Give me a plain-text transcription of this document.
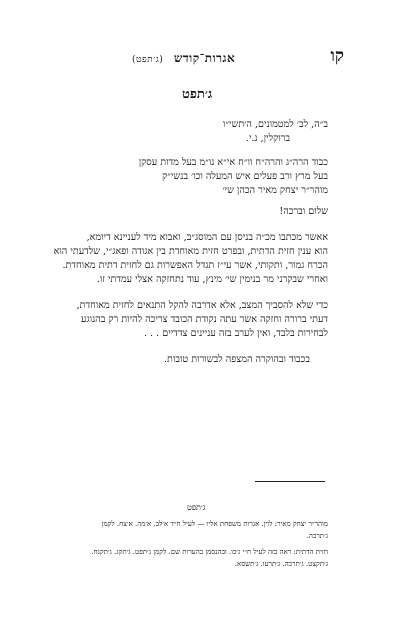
קו
אגרות־קודש (ג׳תפט)
ג׳תפט
ב״ה, לב׳ למטמונים, ה׳תשי״ו
ברוקלין, נ.י.
כבוד הרה״ג והרה״ח וו״ח אי״א נו״מ בעל מדות עסקן
בעל מרץ ורב פעלים איש המעלה וכו׳ בנשי״ק
מוהר״ר יצחק מאיר הכהן שי׳
שלום וברכה!
אאשר מכתבו מכ״ה בניסן עם המוסג״ב, ואבוא מיד לעניינא דיומא,
הוא ענין חזית הדתית, ובפרט חזית מאוחדת בין אגודה ופאג״י, שלדעתי הוא
הכרח גמור, ותקותי, אשר עי״ז תגדל האפשרות גם לחזית דתית מאוחדת.
ואחרי שבקרני מר בנימין שי׳ מינץ, עוד נתחזקה אצלי עמדתי זו.
כדי שלא להסביך המצב, אלא אדרבה להקל התנאים לחזית מאוחדת,
דעתי ברורה וחזקה אשר עתה נקודת הכובד צריכה להיות רק בהנוגע
לבחירות בלבד, ואין לערב בזה עניינים צדדיים . . .
בכבוד ובהוקרה המצפה לבשורות טובות.
ג׳תפט
מוהר״ר יצחק מאיר: לוין. אגרות משפחת אליו — לעיל ח״ד א׳לב. א׳מה. א׳צח. לקמן
ג׳תרכה.
חזית הדתית: ראה בזה לעיל ח״י ג׳כו. ובהנסמן בהערות שם. לקמן ג׳תפט. ג׳תקג. ג׳תקנח.
ג׳תקצט. ג׳תרכה. ג׳תרעו. ג׳תשסא.
